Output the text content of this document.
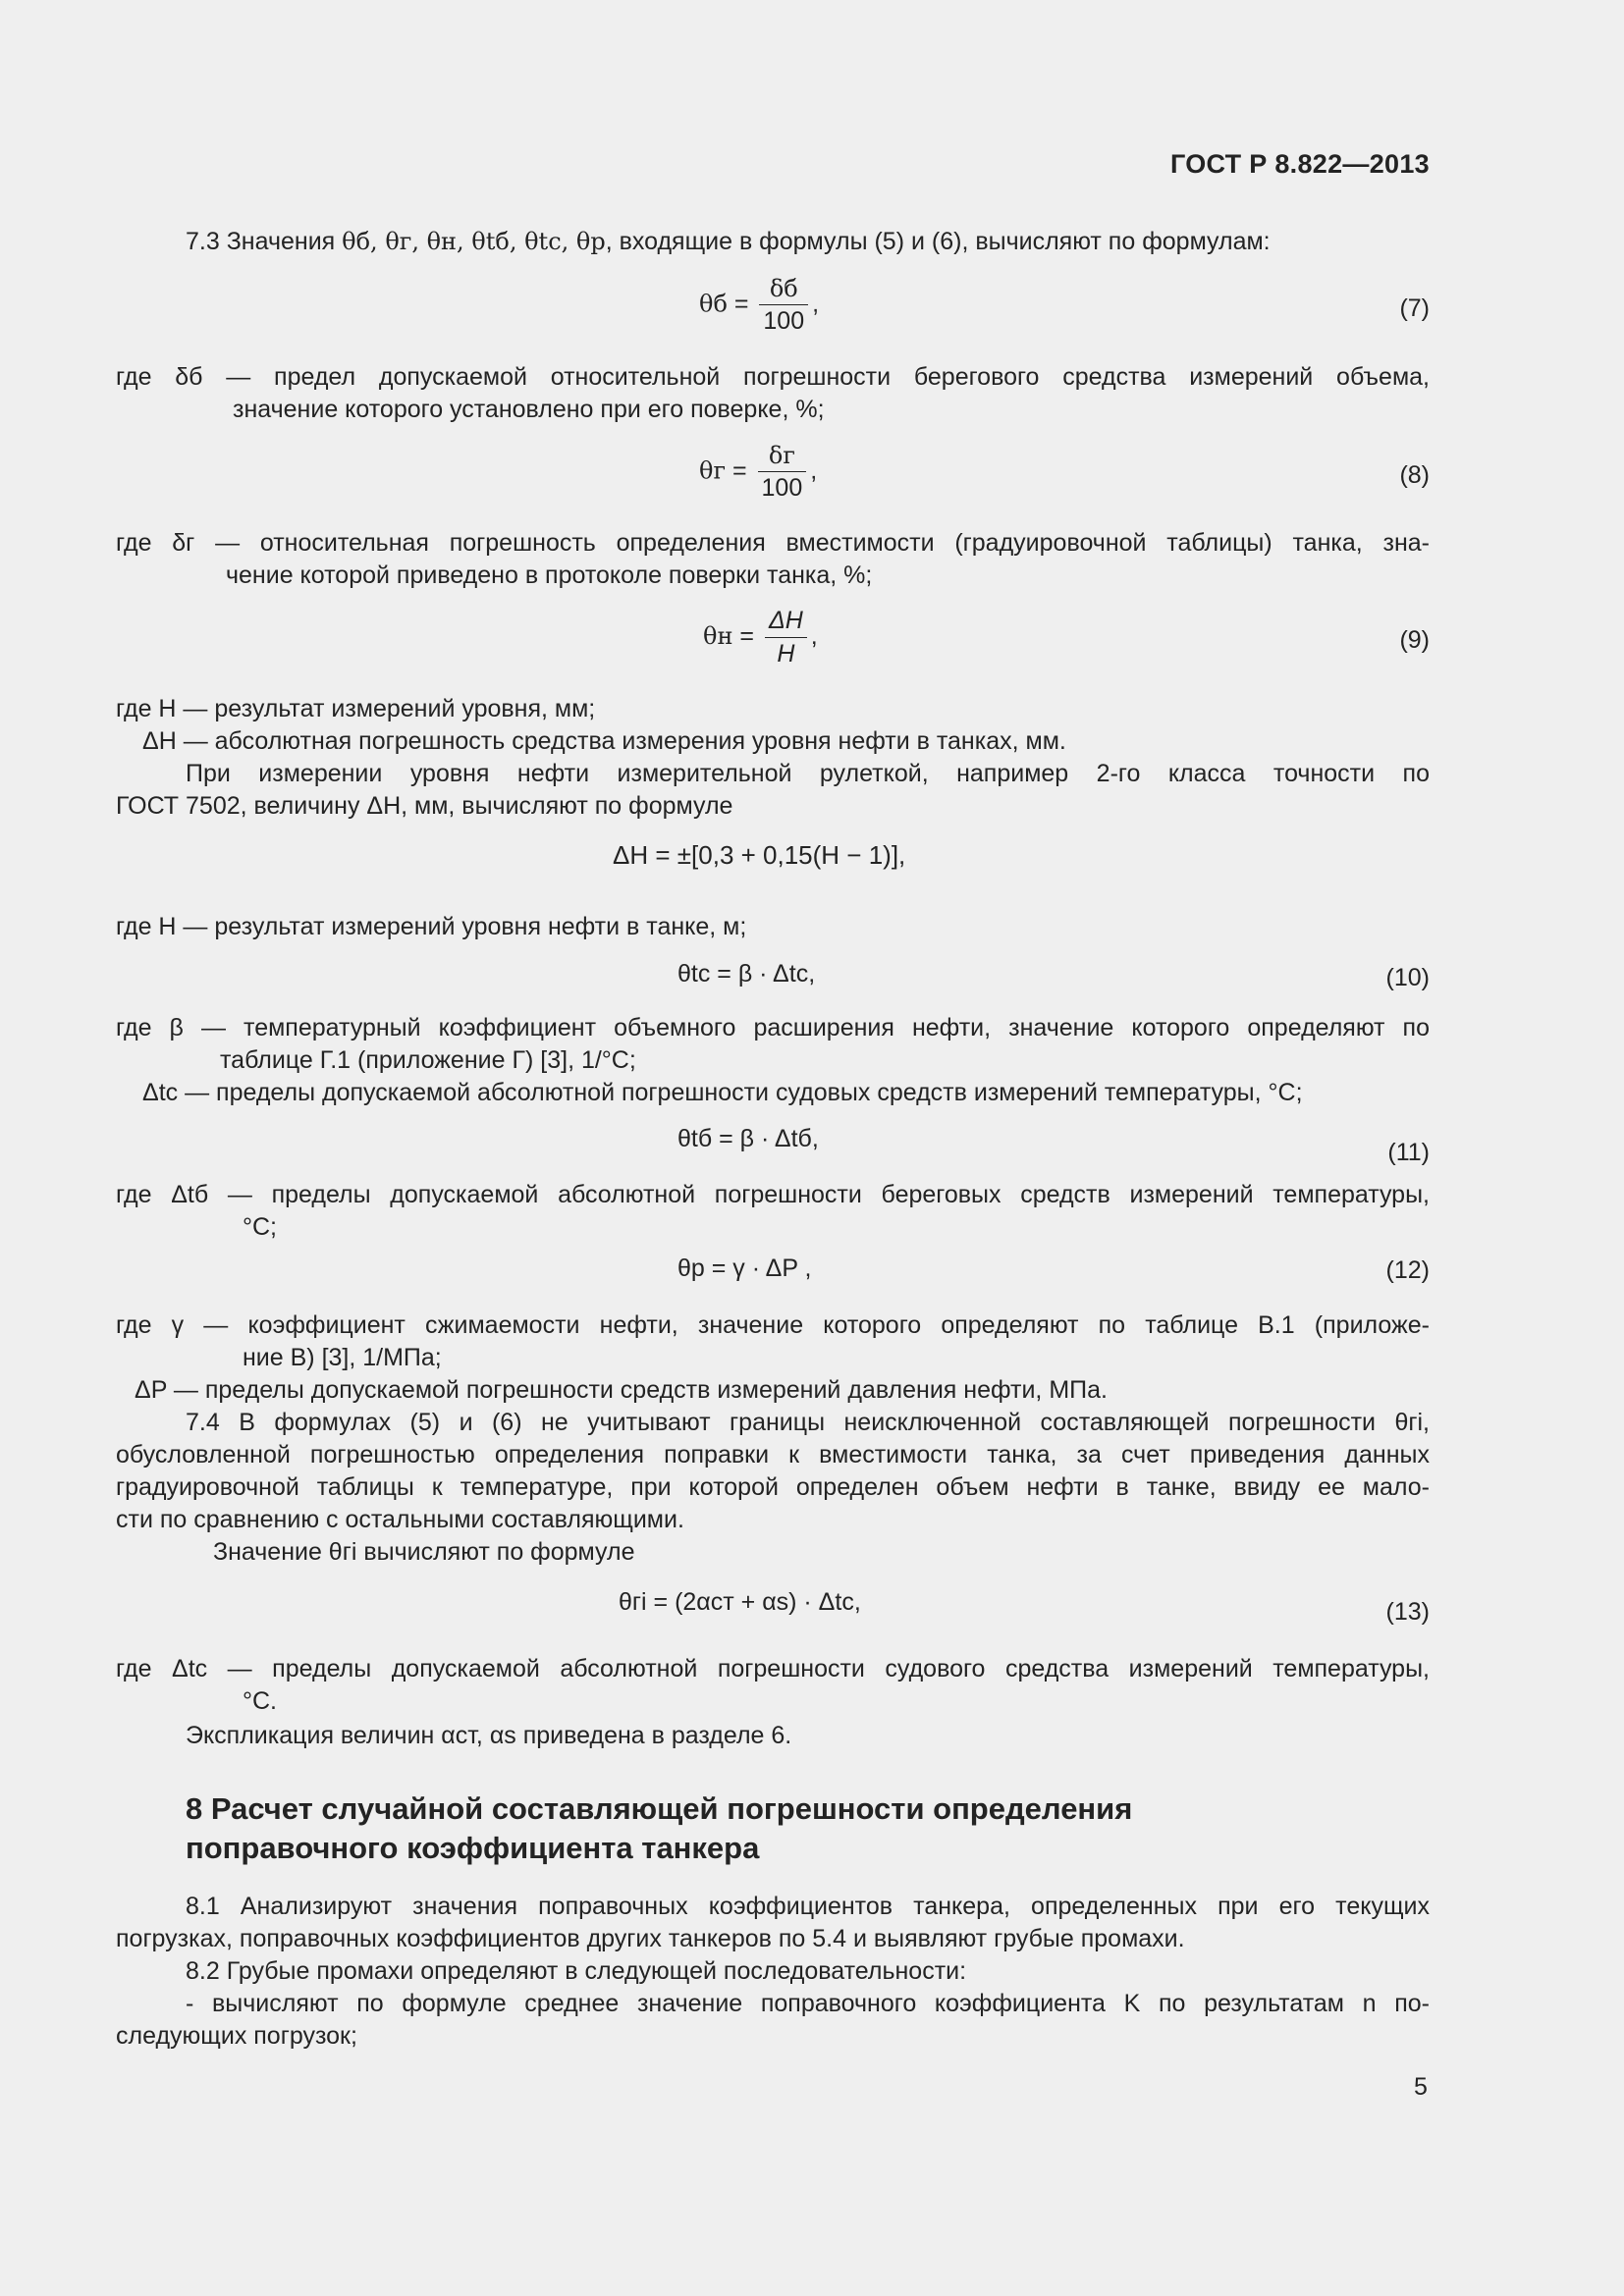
ГОСТ Р 8.822—2013
7.3 Значения θб, θг, θн, θtб, θtc, θр, входящие в формулы (5) и (6), вычисляют по формулам:
θб =
δб
100
,	(7)
где δб — предел допускаемой относительной погрешности берегового средства измерений объема,
значение которого установлено при его поверке, %;
θг =
δг
100
,	(8)
где δг — относительная погрешность определения вместимости (градуировочной таблицы) танка, зна-
чение которой приведено в протоколе поверки танка, %;
$\theta н = \frac{\Delta H}{H}$ ,	(9)
где H — результат измерений уровня, мм;
ΔH — абсолютная погрешность средства измерения уровня нефти в танках, мм.
При измерении уровня нефти измерительной рулеткой, например 2-го класса точности по
ГОСТ 7502, величину ΔH, мм, вычисляют по формуле
ΔH = ±[0,3 + 0,15(H − 1)],
где H — результат измерений уровня нефти в танке, м;
θtc = β · Δtc,	(10)
где β — температурный коэффициент объемного расширения нефти, значение которого определяют по
таблице Г.1 (приложение Г) [3], 1/°C;
Δtc — пределы допускаемой абсолютной погрешности судовых средств измерений температуры, °C;
θtб = β · Δtб,	(11)
где Δtб — пределы допускаемой абсолютной погрешности береговых средств измерений температуры,
°C;
θр = γ · ΔP ,	(12)
где γ — коэффициент сжимаемости нефти, значение которого определяют по таблице В.1 (приложе-
ние В) [3], 1/МПа;
ΔP — пределы допускаемой погрешности средств измерений давления нефти, МПа.
7.4 В формулах (5) и (6) не учитывают границы неисключенной составляющей погрешности θгi,
обусловленной погрешностью определения поправки к вместимости танка, за счет приведения данных
градуировочной таблицы к температуре, при которой определен объем нефти в танке, ввиду ее мало-
сти по сравнению с остальными составляющими.
Значение θгi вычисляют по формуле
θгi = (2αст + αs) · Δtc,	(13)
где Δtc — пределы допускаемой абсолютной погрешности судового средства измерений температуры,
°C.
Экспликация величин αст, αs приведена в разделе 6.
8 Расчет случайной составляющей погрешности определения
поправочного коэффициента танкера
8.1 Анализируют значения поправочных коэффициентов танкера, определенных при его текущих
погрузках, поправочных коэффициентов других танкеров по 5.4 и выявляют грубые промахи.
8.2 Грубые промахи определяют в следующей последовательности:
- вычисляют по формуле среднее значение поправочного коэффициента K по результатам n по-
следующих погрузок;
5
